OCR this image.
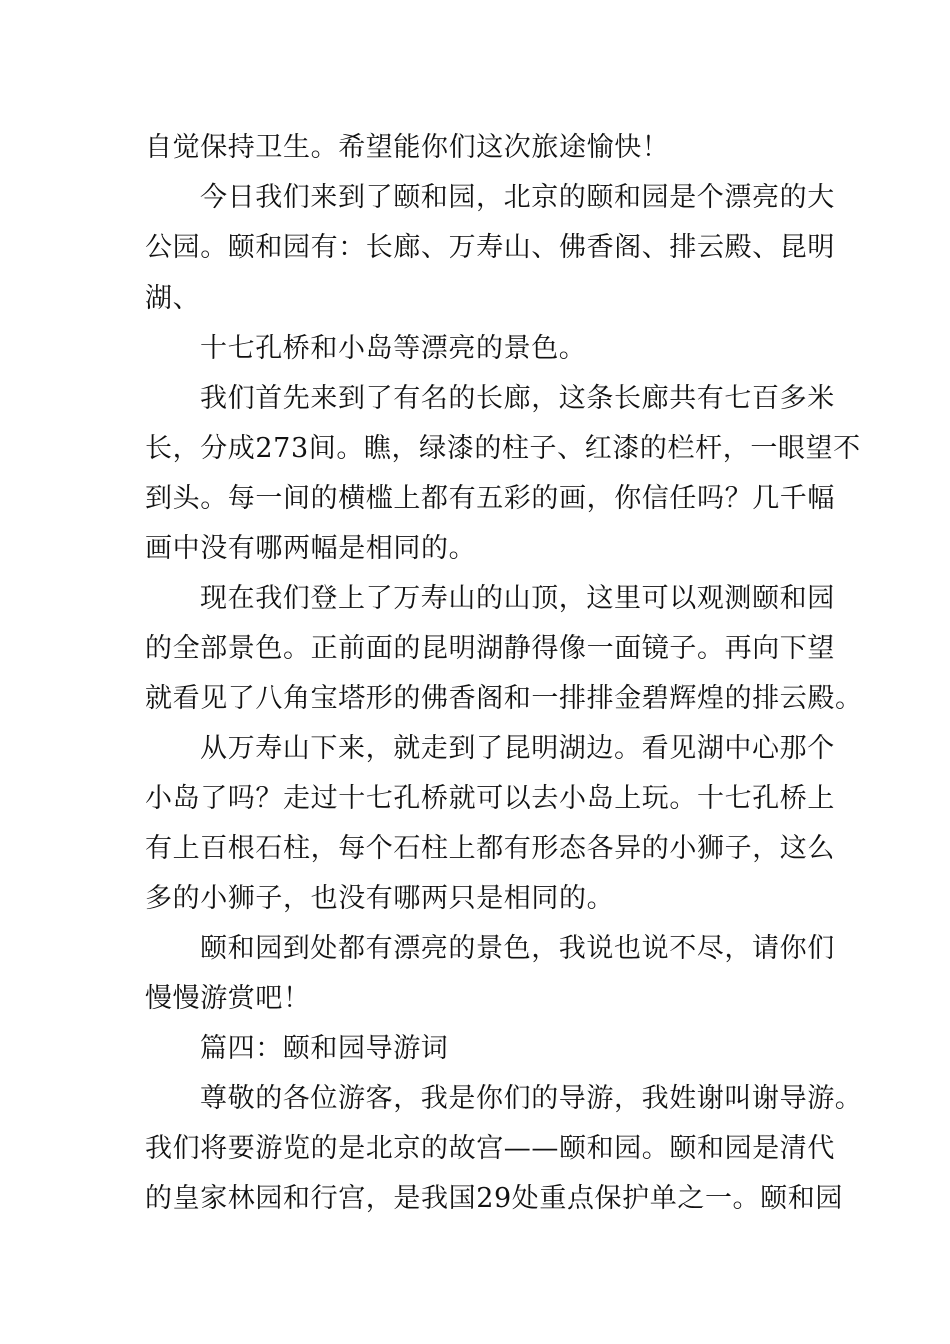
自觉保持卫生。希望能你们这次旅途愉快！
今日我们来到了颐和园，北京的颐和园是个漂亮的大
公园。颐和园有：长廊、万寿山、佛香阁、排云殿、昆明
湖、
十七孔桥和小岛等漂亮的景色。
我们首先来到了有名的长廊，这条长廊共有七百多米
长，分成273间。瞧，绿漆的柱子、红漆的栏杆，一眼望不
到头。每一间的横槛上都有五彩的画，你信任吗？几千幅
画中没有哪两幅是相同的。
现在我们登上了万寿山的山顶，这里可以观测颐和园
的全部景色。正前面的昆明湖静得像一面镜子。再向下望
就看见了八角宝塔形的佛香阁和一排排金碧辉煌的排云殿。
从万寿山下来，就走到了昆明湖边。看见湖中心那个
小岛了吗？走过十七孔桥就可以去小岛上玩。十七孔桥上
有上百根石柱，每个石柱上都有形态各异的小狮子，这么
多的小狮子，也没有哪两只是相同的。
颐和园到处都有漂亮的景色，我说也说不尽，请你们
慢慢游赏吧！
篇四：颐和园导游词
尊敬的各位游客，我是你们的导游，我姓谢叫谢导游。
我们将要游览的是北京的故宫——颐和园。颐和园是清代
的皇家林园和行宫，是我国29处重点保护单之一。颐和园
